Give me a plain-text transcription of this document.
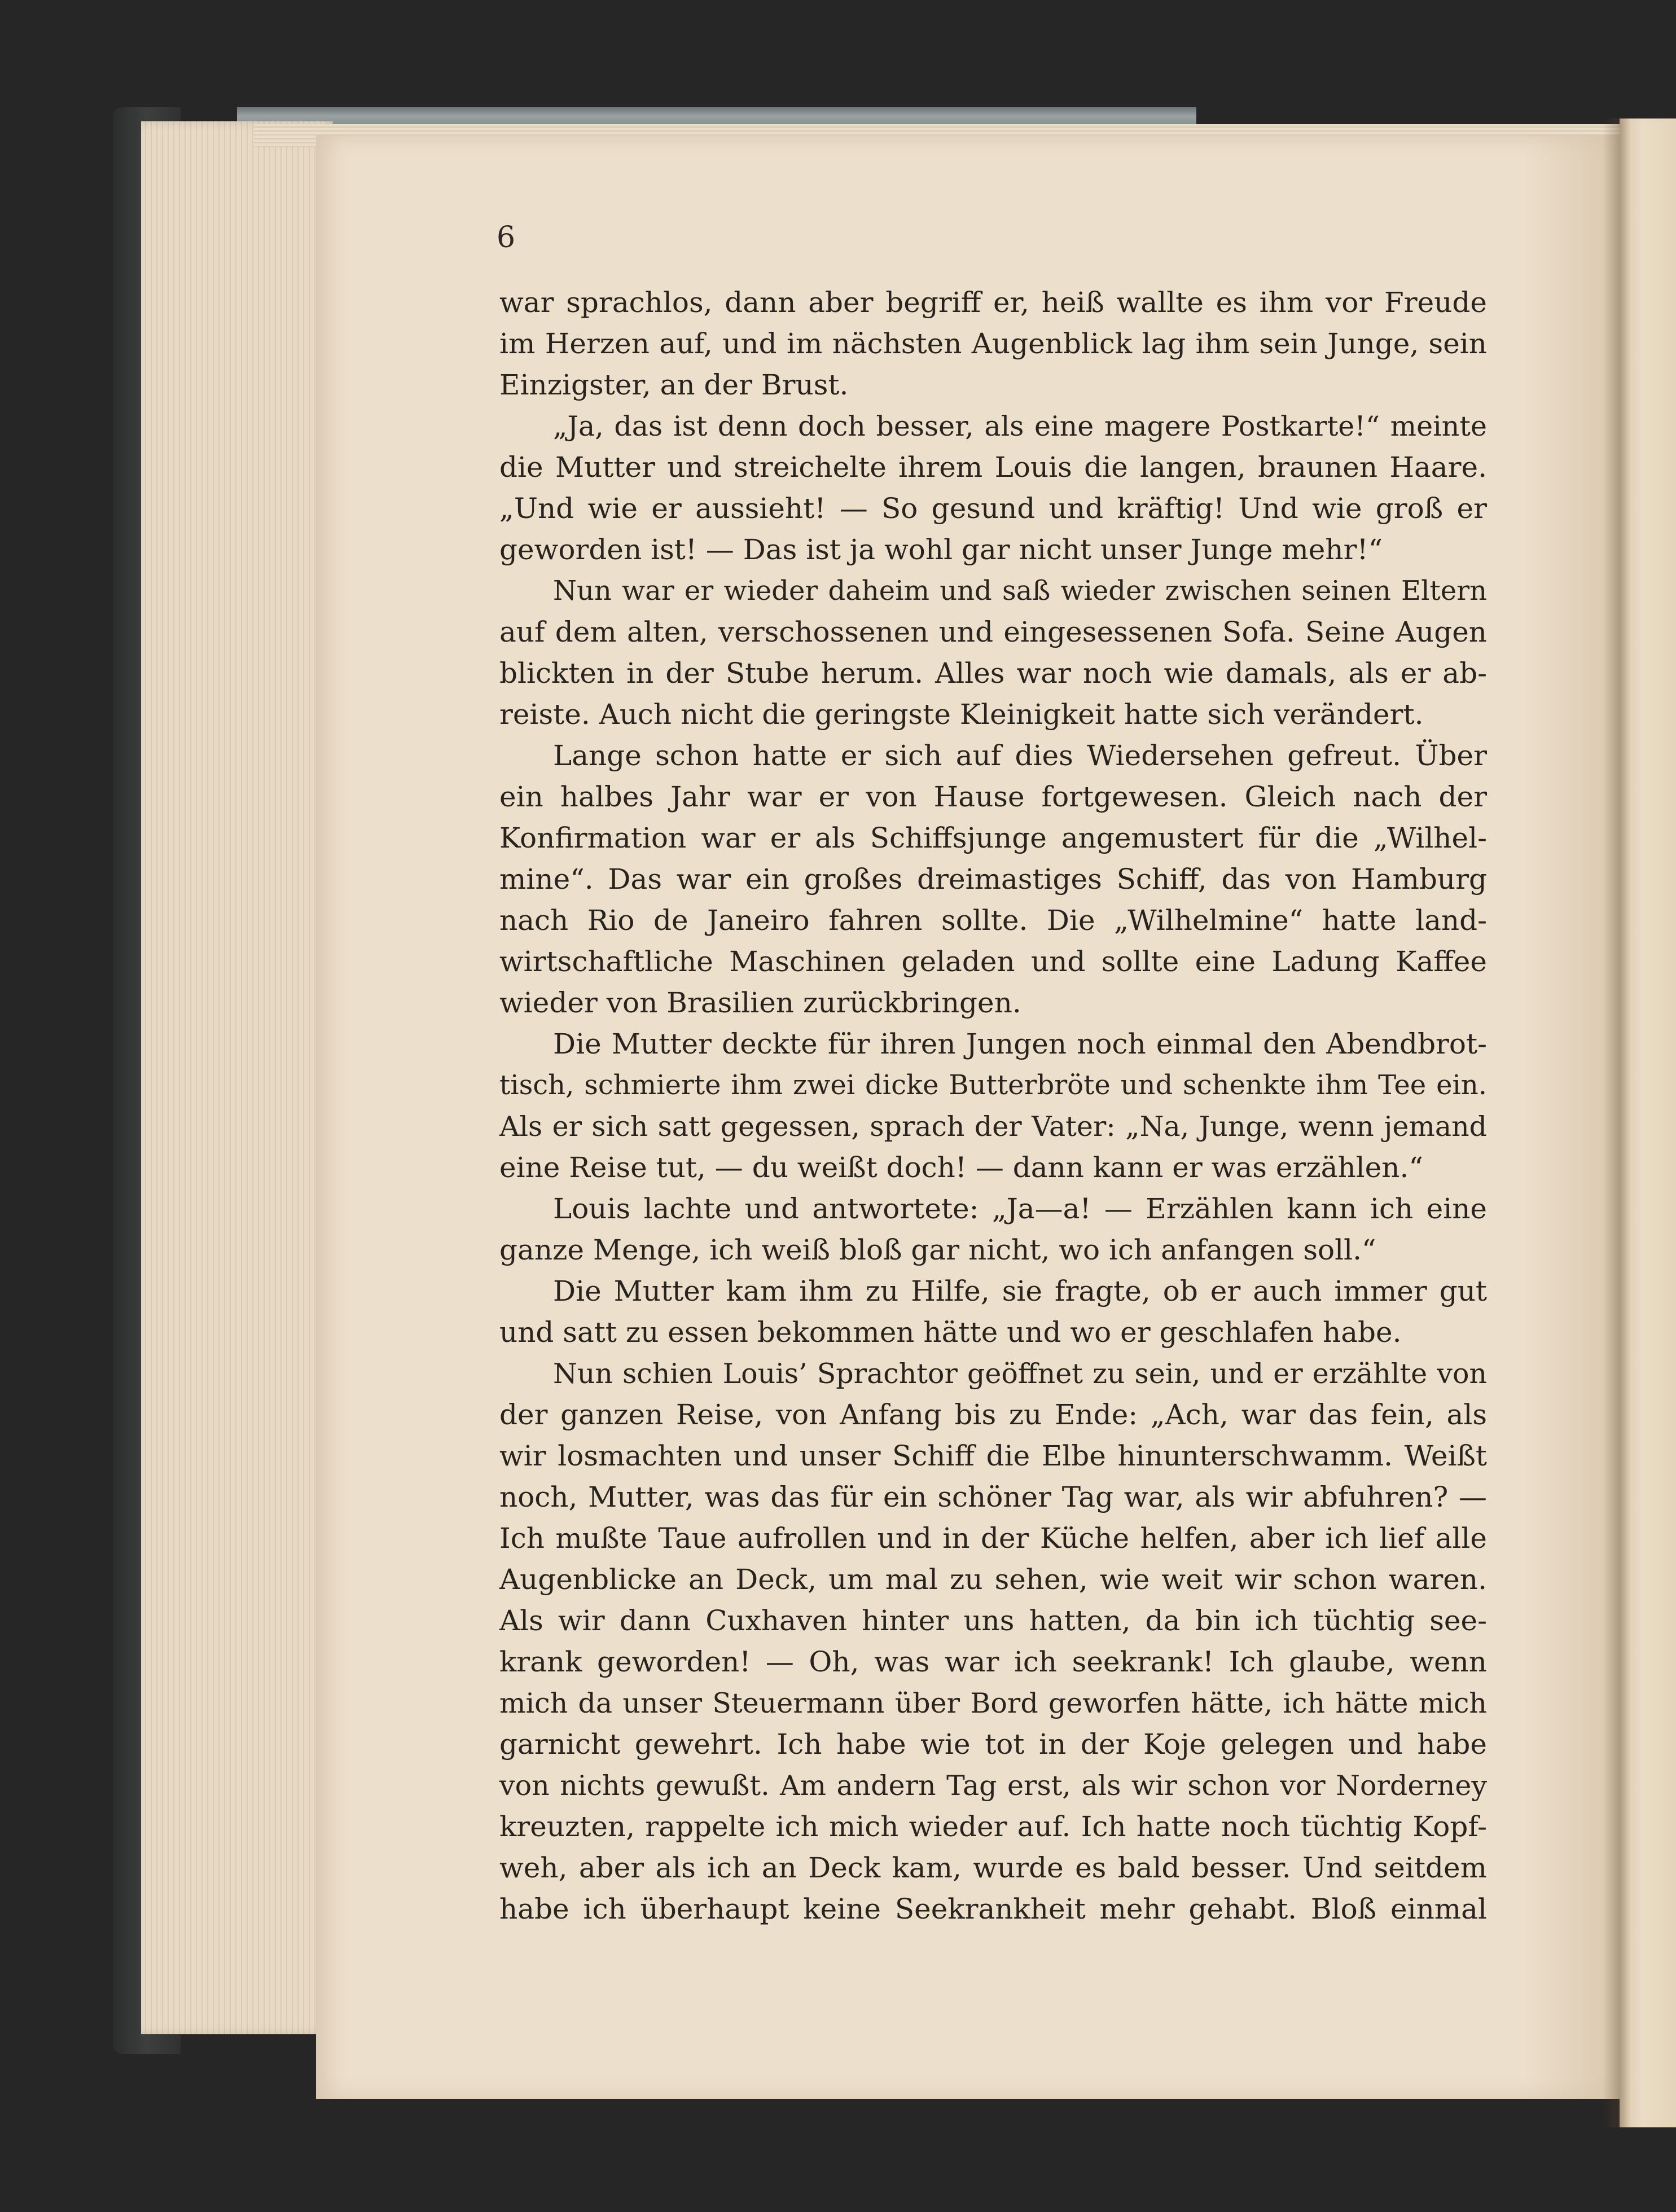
6
war sprachlos, dann aber begriff er, heiß wallte es ihm vor Freude
im Herzen auf, und im nächsten Augenblick lag ihm sein Junge, sein
Einzigster, an der Brust.
„Ja, das ist denn doch besser, als eine magere Postkarte!“ meinte
die Mutter und streichelte ihrem Louis die langen, braunen Haare.
„Und wie er aussieht! — So gesund und kräftig! Und wie groß er
geworden ist! — Das ist ja wohl gar nicht unser Junge mehr!“
Nun war er wieder daheim und saß wieder zwischen seinen Eltern
auf dem alten, verschossenen und eingesessenen Sofa. Seine Augen
blickten in der Stube herum. Alles war noch wie damals, als er ab-
reiste. Auch nicht die geringste Kleinigkeit hatte sich verändert.
Lange schon hatte er sich auf dies Wiedersehen gefreut. Über
ein halbes Jahr war er von Hause fortgewesen. Gleich nach der
Konfirmation war er als Schiffsjunge angemustert für die „Wilhel-
mine“. Das war ein großes dreimastiges Schiff, das von Hamburg
nach Rio de Janeiro fahren sollte. Die „Wilhelmine“ hatte land-
wirtschaftliche Maschinen geladen und sollte eine Ladung Kaffee
wieder von Brasilien zurückbringen.
Die Mutter deckte für ihren Jungen noch einmal den Abendbrot-
tisch, schmierte ihm zwei dicke Butterbröte und schenkte ihm Tee ein.
Als er sich satt gegessen, sprach der Vater: „Na, Junge, wenn jemand
eine Reise tut, — du weißt doch! — dann kann er was erzählen.“
Louis lachte und antwortete: „Ja—a! — Erzählen kann ich eine
ganze Menge, ich weiß bloß gar nicht, wo ich anfangen soll.“
Die Mutter kam ihm zu Hilfe, sie fragte, ob er auch immer gut
und satt zu essen bekommen hätte und wo er geschlafen habe.
Nun schien Louis’ Sprachtor geöffnet zu sein, und er erzählte von
der ganzen Reise, von Anfang bis zu Ende: „Ach, war das fein, als
wir losmachten und unser Schiff die Elbe hinunterschwamm. Weißt
noch, Mutter, was das für ein schöner Tag war, als wir abfuhren? —
Ich mußte Taue aufrollen und in der Küche helfen, aber ich lief alle
Augenblicke an Deck, um mal zu sehen, wie weit wir schon waren.
Als wir dann Cuxhaven hinter uns hatten, da bin ich tüchtig see-
krank geworden! — Oh, was war ich seekrank! Ich glaube, wenn
mich da unser Steuermann über Bord geworfen hätte, ich hätte mich
garnicht gewehrt. Ich habe wie tot in der Koje gelegen und habe
von nichts gewußt. Am andern Tag erst, als wir schon vor Norderney
kreuzten, rappelte ich mich wieder auf. Ich hatte noch tüchtig Kopf-
weh, aber als ich an Deck kam, wurde es bald besser. Und seitdem
habe ich überhaupt keine Seekrankheit mehr gehabt. Bloß einmal
